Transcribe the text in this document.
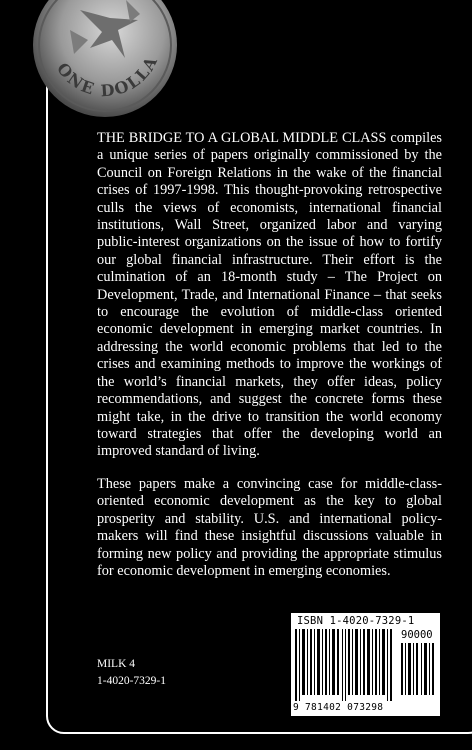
ONE DOLLA

THE BRIDGE TO A GLOBAL MIDDLE CLASS compiles a unique series of papers originally commissioned by the Council on Foreign Relations in the wake of the financial crises of 1997-1998. This thought-provoking retrospective culls the views of economists, international financial institutions, Wall Street, organized labor and varying public-interest organizations on the issue of how to fortify our global financial infrastructure. Their effort is the culmination of an 18-month study – The Project on Development, Trade, and International Finance – that seeks to encourage the evolution of middle-class oriented economic development in emerging market countries. In addressing the world economic problems that led to the crises and examining methods to improve the workings of the world’s financial markets, they offer ideas, policy recommendations, and suggest the concrete forms these might take, in the drive to transition the world economy toward strategies that offer the developing world an improved standard of living.

These papers make a convincing case for middle-class-oriented economic development as the key to global prosperity and stability. U.S. and international policy-makers will find these insightful discussions valuable in forming new policy and providing the appropriate stimulus for economic development in emerging economies.

ISBN 1-4020-7329-1
90000
9 781402 073298
MILK 4
1-4020-7329-1
